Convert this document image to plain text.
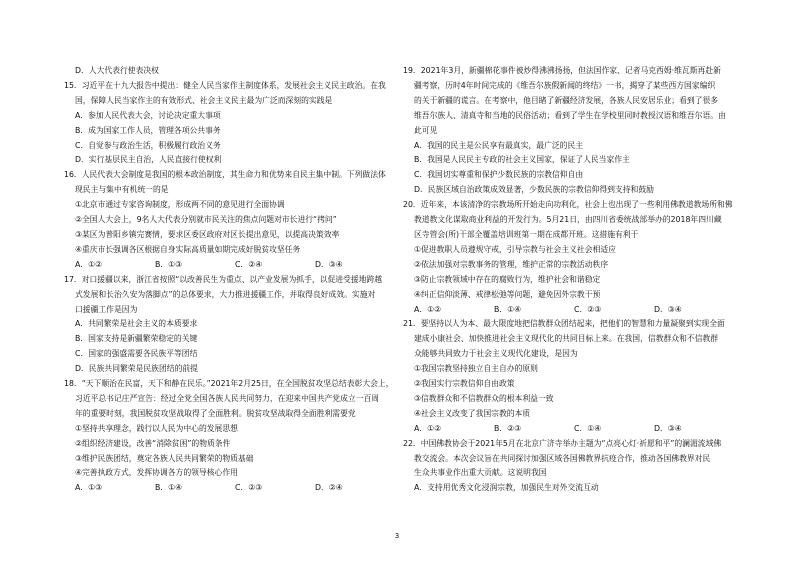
D．人大代表行使表决权
15．习近平在十九大报告中提出：健全人民当家作主制度体系，发展社会主义民主政治。在我
国，保障人民当家作主的有效形式、社会主义民主最为广泛而深刻的实践是
A．参加人民代表大会，讨论决定重大事项
B．成为国家工作人员，管理各项公共事务
C．自觉参与政治生活，积极履行政治义务
D．实行基层民主自治，人民直接行使权利
16．人民代表大会制度是我国的根本政治制度，其生命力和优势来自民主集中制。下列做法体
现民主与集中有机统一的是
①北京市通过专家咨询制度，形成两不同的意见进行全面协调
②全国人大会上，9名人大代表分别就市民关注的焦点问题对市长进行“拷问”
③某区为普阳乡镇完赛情，要求区委区政府对区长提出意见，以提高决策效率
④重庆市长强调各区根据自身实际高质量如期完成好脱贫攻坚任务
A．①②	B．①③	C．②④	D．③④
17．对口援疆以来，浙江省按照“以改善民生为重点、以产业发展为抓手，以促进受援地跨越
式发展和长治久安为落脚点”的总体要求，大力推进援疆工作，并取得良好成效。实施对
口援疆工作是因为
A．共同繁荣是社会主义的本质要求
B．国家支持是新疆繁荣稳定的关键
C．国家的强盛需要各民族平等团结
D．民族共同繁荣是民族团结的前提
18．“天下顺治在民富，天下和静在民乐。”2021年2月25日，在全国脱贫攻坚总结表彰大会上，
习近平总书记庄严宣告：经过全党全国各族人民共同努力，在迎来中国共产党成立一百周
年的重要时刻，我国脱贫攻坚战取得了全面胜利。脱贫攻坚战取得全面胜利需要党
①坚持共享理念，践行以人民为中心的发展思想
②组织经济建设，改善“消除贫困”的物质条件
③维护民族团结，奠定各族人民共同繁荣的物质基础
④完善执政方式，发挥协调各方的领导核心作用
A．①③	B．①④	C．②③	D．②④
19．2021年3月，新疆棉花事件被炒得沸沸扬扬，但法国作家、记者马克西姆·维瓦斯再赴新
疆考察，历时4年时间完成的《维吾尔族假新闻的终结》一书，揭穿了某些西方国家编织
的关于新疆的谎言。在考察中，他目睹了新疆经济发展，各族人民安居乐业；看到了很多
维吾尔族人、清真寺和当地的民俗活动；看到了学生在学校里同时教授汉语和维吾尔语。由
此可见
A．我国的民主是公民享有最真实，最广泛的民主
B．我国是人民民主专政的社会主义国家，保证了人民当家作主
C．我国切实尊重和保护少数民族的宗教信仰自由
D．民族区域自治政策成效显著，少数民族的宗教信仰得到支持和鼓励
20．近年来，本该清净的宗教场所开始走向功利化，社会上也出现了一些利用佛教道教场所和佛
教道教文化谋取商业利益的开发行为。5月21日，由四川省委统战部举办的2018年四川藏
区寺管会(所)干部全覆盖培训班第一期在成都开班。这措施有利于
①促进教职人员遵规守戒，引导宗教与社会主义社会相适应
②依法加强对宗教事务的管理，维护正常的宗教活动秩序
③防止宗教领域中存在的腐败行为，维护社会和谐稳定
④纠正信仰淡薄、戒律松弛等问题，避免因外宗教干预
A．①②	B．①④	C．②③	D．③④
21．要坚持以人为本、最大限度地把信教群众团结起来，把他们的智慧和力量凝聚到实现全面
建成小康社会、加快推进社会主义现代化的共同目标上来。在我国，信教群众和不信教群
众能够共同致力于社会主义现代化建设，是因为
①我国宗教坚持独立自主自办的原则
②我国实行宗教信仰自由政策
③信教群众和不信教群众的根本利益一致
④社会主义改变了我国宗教的本质
A．①②	B．②③	C．①④	D．③④
22．中国佛教协会于2021年5月在北京广济寺举办主题为“点亮心灯·祈愿和平”的澜湄流域佛
教交流会。本次会议旨在共同探讨加强区域各国佛教界抗疫合作，推动各国佛教界对民
生众共事业作出重大贡献。这说明我国
A．支持用优秀文化浸润宗教，加强民生对外交流互动
3
